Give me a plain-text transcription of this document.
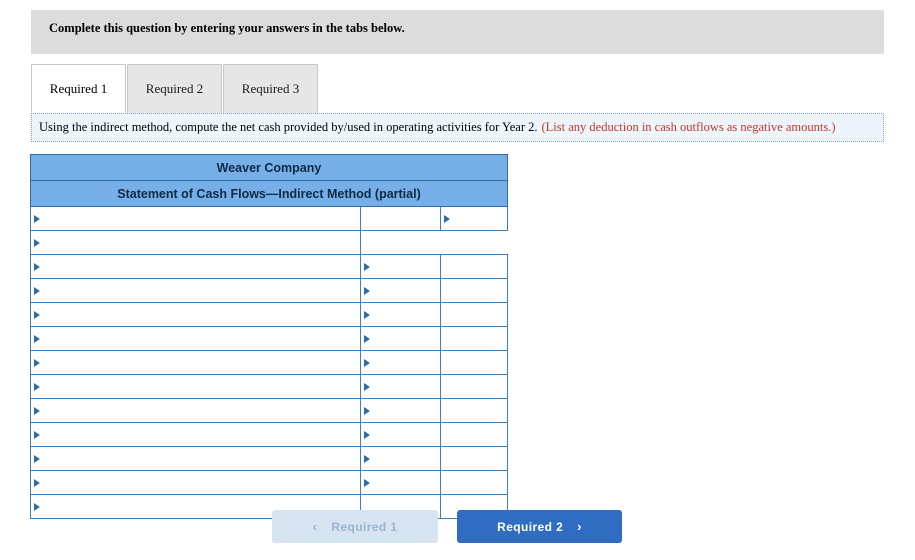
Complete this question by entering your answers in the tabs below.
Required 1	Required 2	Required 3
Using the indirect method, compute the net cash provided by/used in operating activities for Year 2. (List any deduction in cash outflows as negative amounts.)
Weaver Company		
Statement of Cash Flows—Indirect Method (partial)		

‹ Required 1	Required 2 ›
